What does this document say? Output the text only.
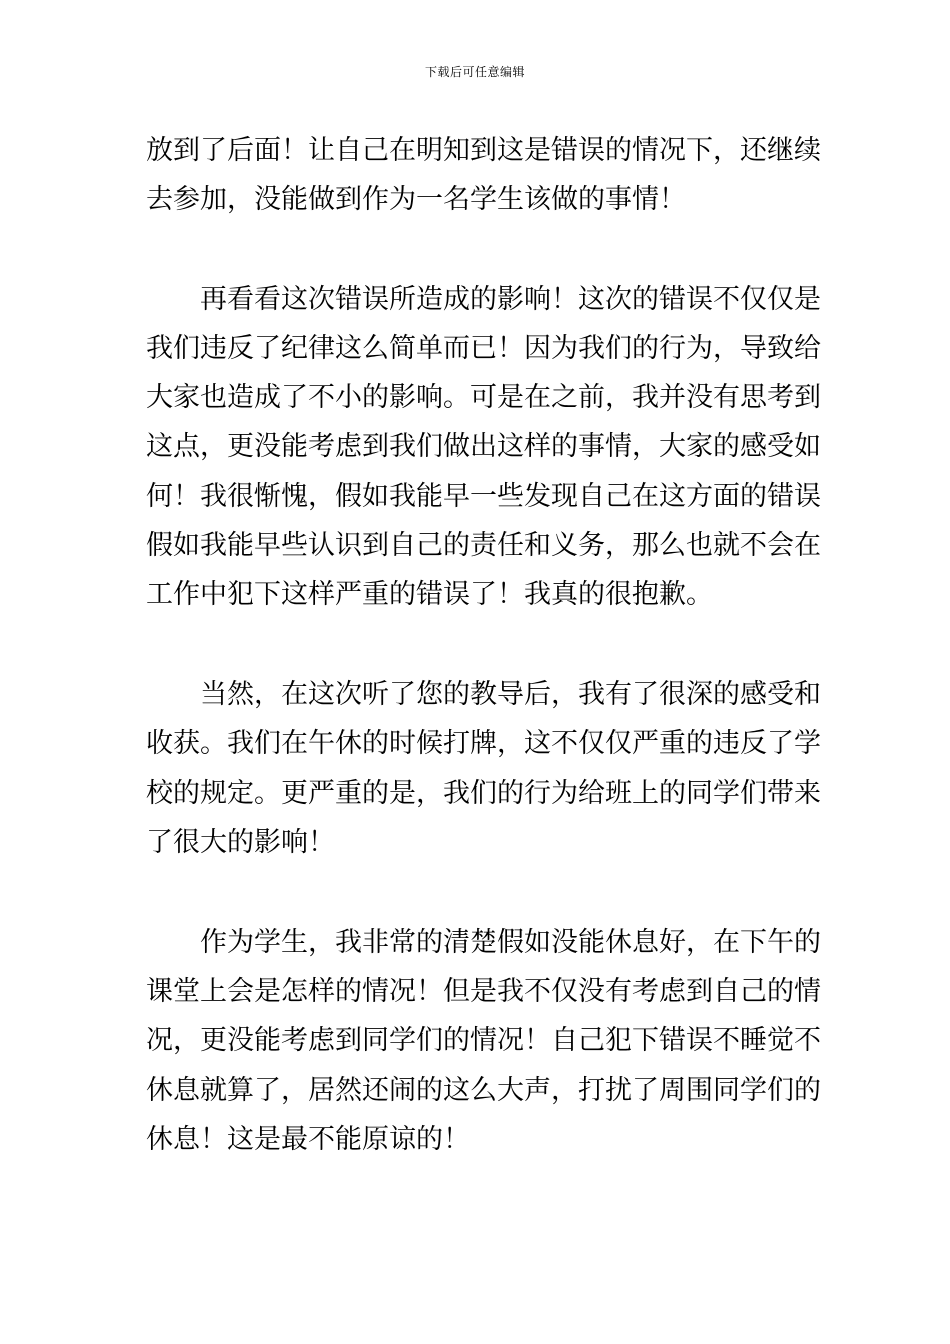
下载后可任意编辑
放到了后面！让自己在明知到这是错误的情况下，还继续
去参加，没能做到作为一名学生该做的事情！
再看看这次错误所造成的影响！这次的错误不仅仅是
我们违反了纪律这么简单而已！因为我们的行为，导致给
大家也造成了不小的影响。可是在之前，我并没有思考到
这点，更没能考虑到我们做出这样的事情，大家的感受如
何！我很惭愧，假如我能早一些发现自己在这方面的错误
假如我能早些认识到自己的责任和义务，那么也就不会在
工作中犯下这样严重的错误了！我真的很抱歉。
当然，在这次听了您的教导后，我有了很深的感受和
收获。我们在午休的时候打牌，这不仅仅严重的违反了学
校的规定。更严重的是，我们的行为给班上的同学们带来
了很大的影响！
作为学生，我非常的清楚假如没能休息好，在下午的
课堂上会是怎样的情况！但是我不仅没有考虑到自己的情
况，更没能考虑到同学们的情况！自己犯下错误不睡觉不
休息就算了，居然还闹的这么大声，打扰了周围同学们的
休息！这是最不能原谅的！
